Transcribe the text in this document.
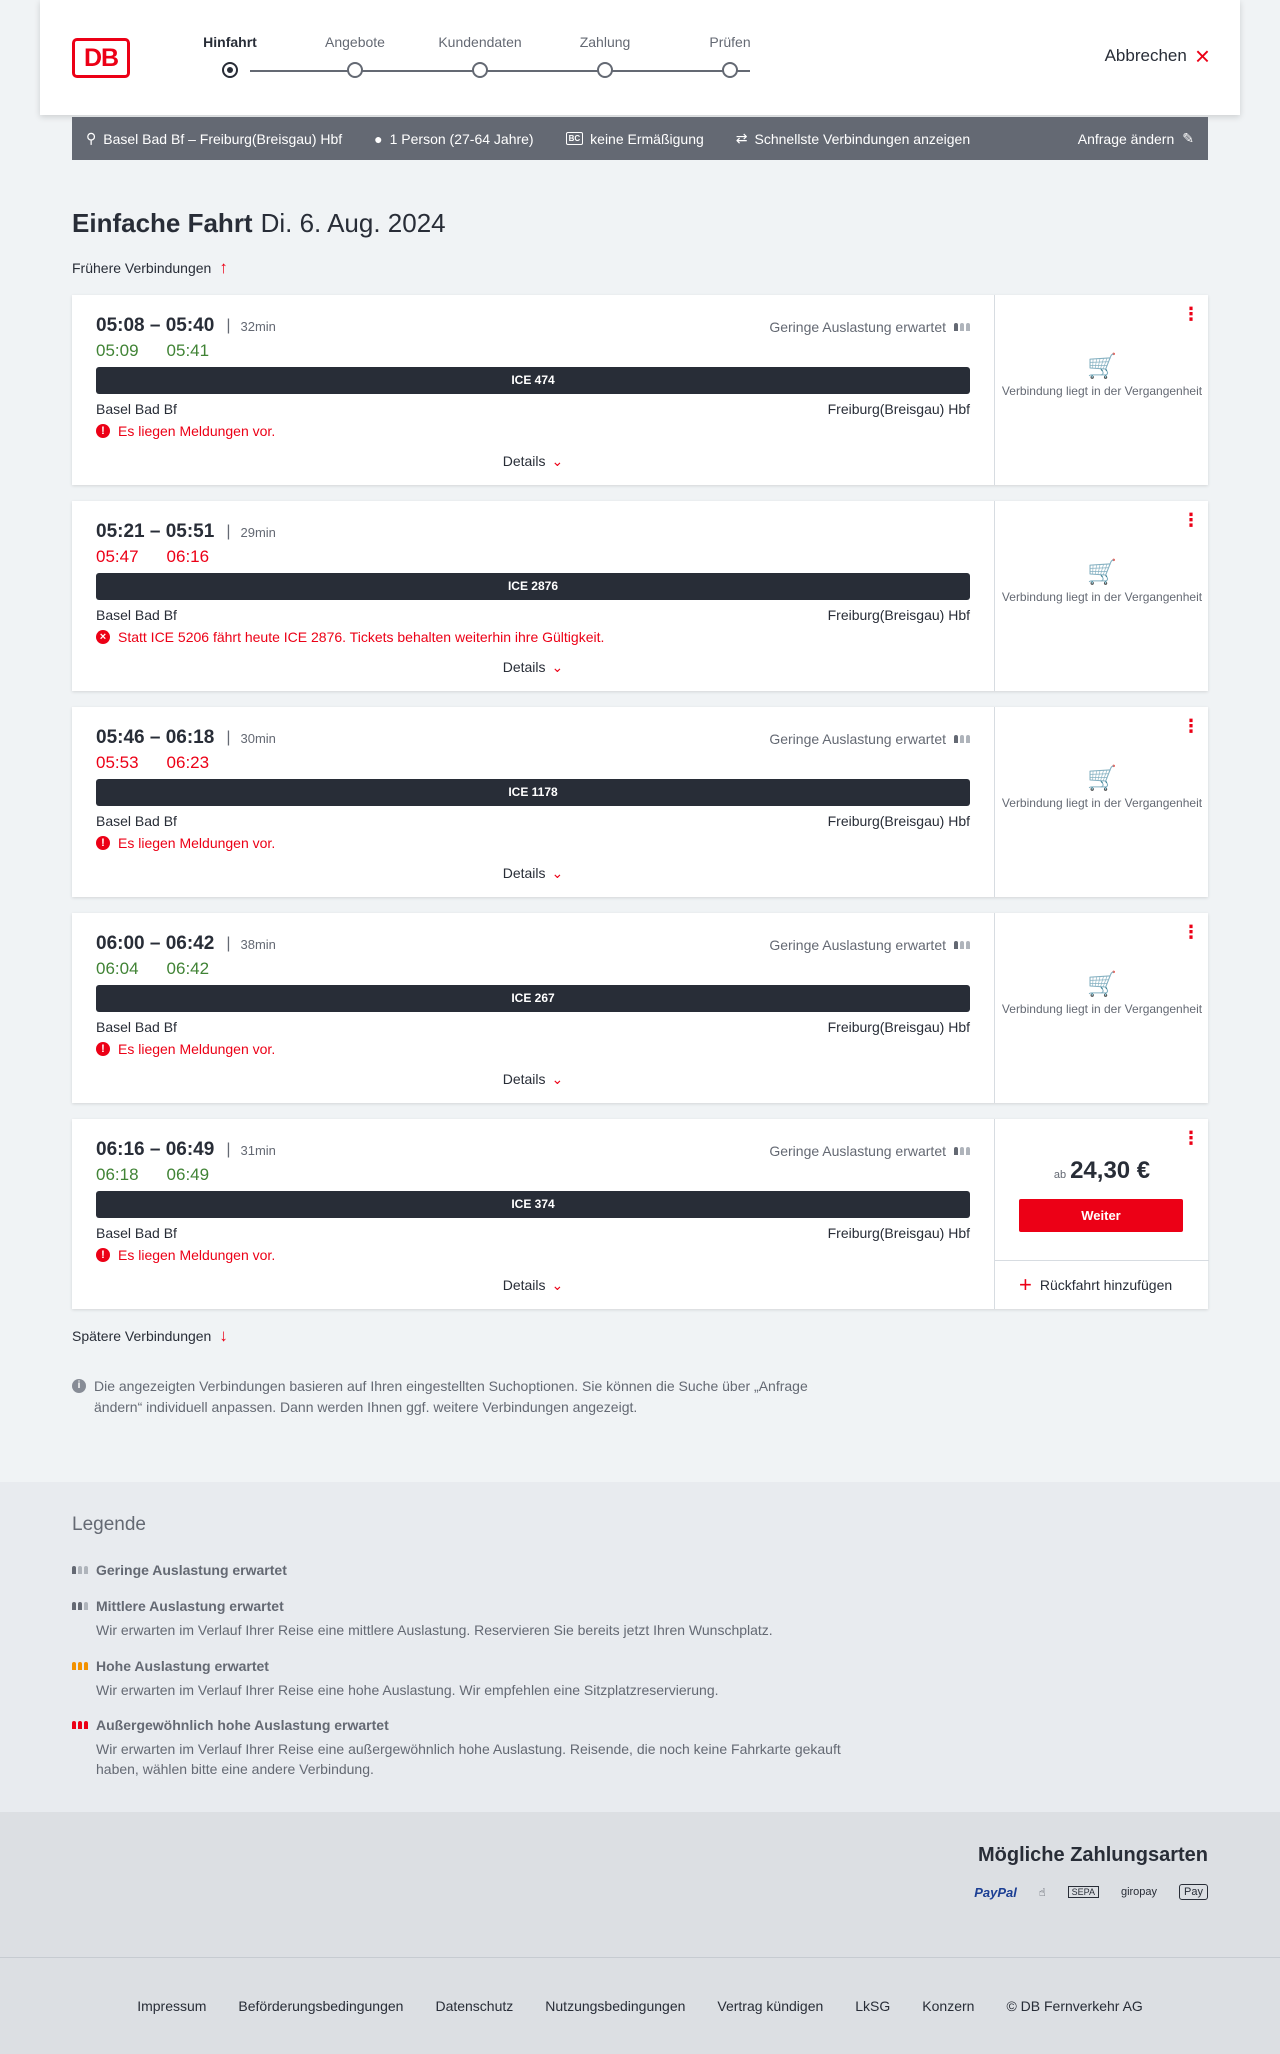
DB
Hinfahrt	Angebote	Kundendaten	Zahlung	Prüfen
Abbrechen ×
⚲ Basel Bad Bf – Freiburg(Breisgau) Hbf ● 1 Person (27-64 Jahre)	BC keine Ermäßigung ⇄ Schnellste Verbindungen anzeigen	Anfrage ändern ✎
Einfache Fahrt Di. 6. Aug. 2024
Frühere Verbindungen ↑
05:08 – 05:40 | 32min
05:09 05:41
Geringe Auslastung erwartet
ICE 474
Basel Bad Bf	Freiburg(Breisgau) Hbf
! Es liegen Meldungen vor.
Details ⌄
⋮
🛒
Verbindung liegt in der Vergangenheit
05:21 – 05:51 | 29min
05:47 06:16
ICE 2876
Basel Bad Bf	Freiburg(Breisgau) Hbf
× Statt ICE 5206 fährt heute ICE 2876. Tickets behalten weiterhin ihre Gültigkeit.
Details ⌄
⋮
🛒
Verbindung liegt in der Vergangenheit
05:46 – 06:18 | 30min
05:53 06:23
Geringe Auslastung erwartet
ICE 1178
Basel Bad Bf	Freiburg(Breisgau) Hbf
! Es liegen Meldungen vor.
Details ⌄
⋮
🛒
Verbindung liegt in der Vergangenheit
06:00 – 06:42 | 38min
06:04 06:42
Geringe Auslastung erwartet
ICE 267
Basel Bad Bf	Freiburg(Breisgau) Hbf
! Es liegen Meldungen vor.
Details ⌄
⋮
🛒
Verbindung liegt in der Vergangenheit
06:16 – 06:49 | 31min
06:18 06:49
Geringe Auslastung erwartet
ICE 374
Basel Bad Bf	Freiburg(Breisgau) Hbf
! Es liegen Meldungen vor.
Details ⌄
⋮
ab 24,30 €
Weiter
+ Rückfahrt hinzufügen
Spätere Verbindungen ↓
i Die angezeigten Verbindungen basieren auf Ihren eingestellten Suchoptionen. Sie können die Suche über „Anfrage ändern“ individuell anpassen. Dann werden Ihnen ggf. weitere Verbindungen angezeigt.
Legende
Geringe Auslastung erwartet
Mittlere Auslastung erwartet
Wir erwarten im Verlauf Ihrer Reise eine mittlere Auslastung. Reservieren Sie bereits jetzt Ihren Wunschplatz.
Hohe Auslastung erwartet
Wir erwarten im Verlauf Ihrer Reise eine hohe Auslastung. Wir empfehlen eine Sitzplatzreservierung.
Außergewöhnlich hohe Auslastung erwartet
Wir erwarten im Verlauf Ihrer Reise eine außergewöhnlich hohe Auslastung. Reisende, die noch keine Fahrkarte gekauft haben, wählen bitte eine andere Verbindung.
Mögliche Zahlungsarten
PayPal ☝	SEPA	giropay	Pay
Impressum Beförderungsbedingungen Datenschutz Nutzungsbedingungen Vertrag kündigen LkSG Konzern © DB Fernverkehr AG
